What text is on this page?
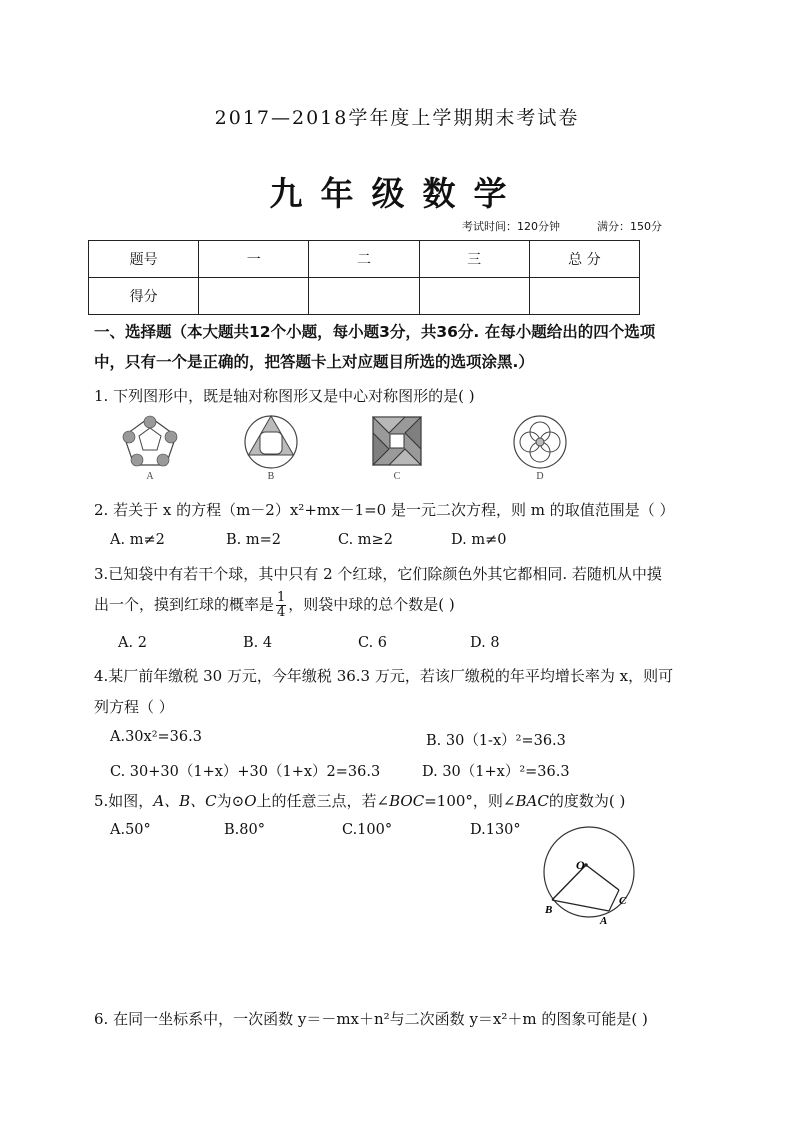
2017—2018学年度上学期期末考试卷
九年级数学
考试时间：120分钟	满分：150分
题号	一	二	三	总 分
得分				
一、选择题（本大题共12个小题，每小题3分，共36分. 在每小题给出的四个选项
中，只有一个是正确的，把答题卡上对应题目所选的选项涂黑.）
1. 下列图形中，既是轴对称图形又是中心对称图形的是( )
A	B	C	D
2. 若关于 x 的方程（m－2）x²+mx－1=0 是一元二次方程，则 m 的取值范围是（ ）
A. m≠2	B. m=2	C. m≥2	D. m≠0
3.已知袋中有若干个球，其中只有 2 个红球，它们除颜色外其它都相同. 若随机从中摸
出一个，摸到红球的概率是 $\frac{1}{4}$ ，则袋中球的总个数是( )
A. 2	B. 4	C. 6	D. 8
4.某厂前年缴税 30 万元，今年缴税 36.3 万元，若该厂缴税的年平均增长率为 x，则可
列方程（ ）
A.30x²=36.3	B. 30（1-x）²=36.3
C. 30+30（1+x）+30（1+x）2=36.3	D. 30（1+x）²=36.3
5.如图，A、B、C为⊙O上的任意三点，若∠BOC=100°，则∠BAC的度数为( )
A.50°	B.80°	C.100°	D.130°
O
B
A
C
6. 在同一坐标系中，一次函数 y＝－mx＋n²与二次函数 y＝x²＋m 的图象可能是( )
